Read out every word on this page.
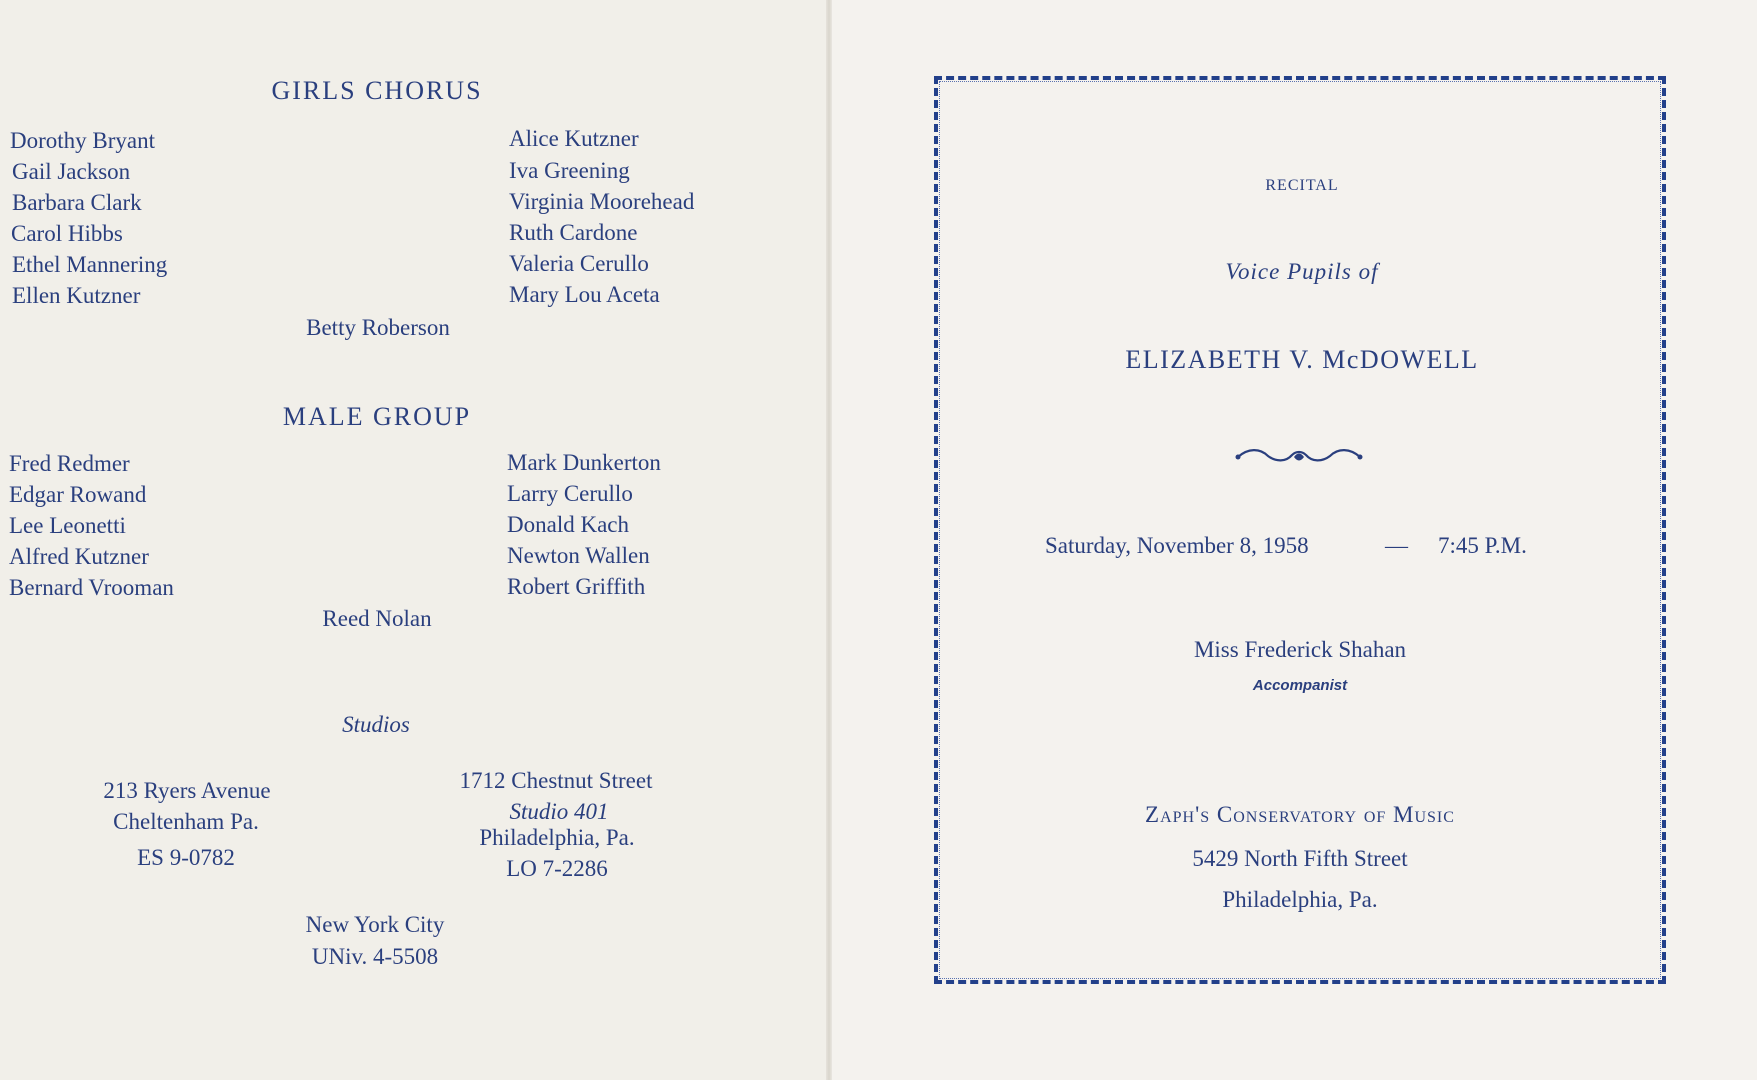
GIRLS CHORUS
Dorothy Bryant
Gail Jackson
Barbara Clark
Carol Hibbs
Ethel Mannering
Ellen Kutzner
Alice Kutzner
Iva Greening
Virginia Moorehead
Ruth Cardone
Valeria Cerullo
Mary Lou Aceta
Betty Roberson
MALE GROUP
Fred Redmer
Edgar Rowand
Lee Leonetti
Alfred Kutzner
Bernard Vrooman
Mark Dunkerton
Larry Cerullo
Donald Kach
Newton Wallen
Robert Griffith
Reed Nolan
Studios
213 Ryers Avenue
Cheltenham Pa.
ES 9-0782
1712 Chestnut Street
Studio 401
Philadelphia, Pa.
LO 7-2286
New York City
UNiv. 4-5508
RECITAL
Voice Pupils of
ELIZABETH V. McDOWELL
Saturday, November 8, 1958	— 7:45 P.M.
Miss Frederick Shahan
Accompanist
Zaph's Conservatory of Music
5429 North Fifth Street
Philadelphia, Pa.
